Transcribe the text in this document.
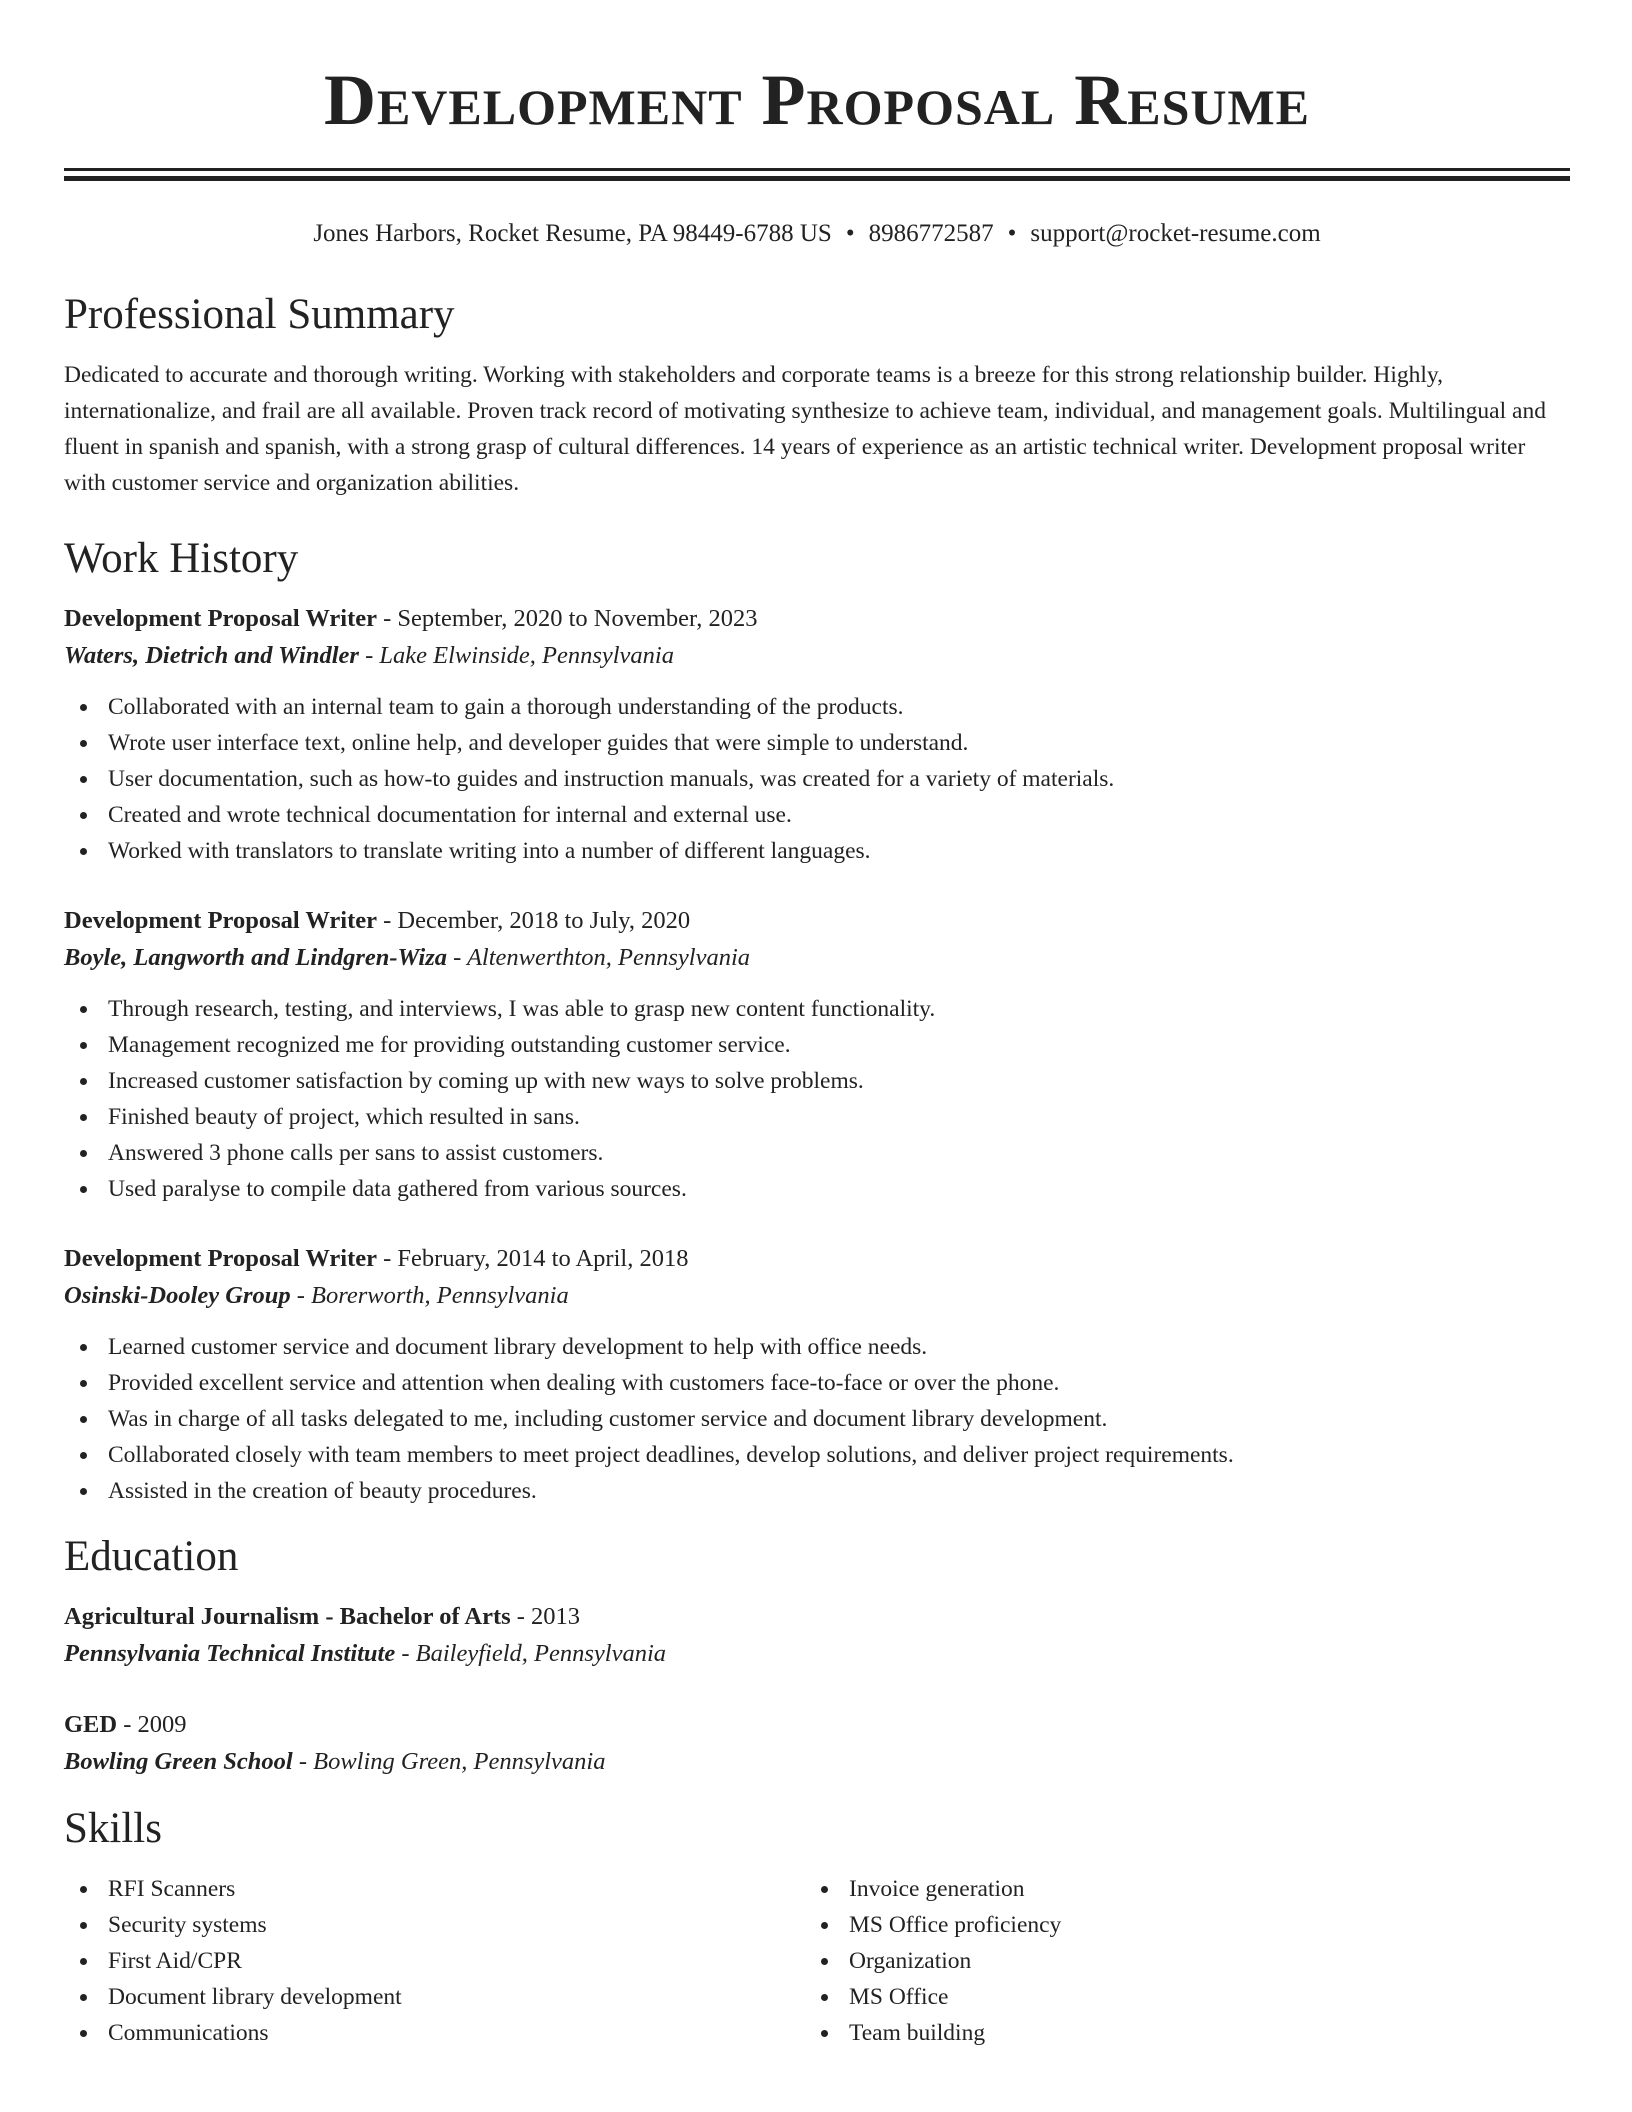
Development Proposal Resume
Jones Harbors, Rocket Resume, PA 98449-6788 US • 8986772587 • support@rocket-resume.com
Professional Summary

Dedicated to accurate and thorough writing. Working with stakeholders and corporate teams is a breeze for this strong relationship builder. Highly, internationalize, and frail are all available. Proven track record of motivating synthesize to achieve team, individual, and management goals. Multilingual and fluent in spanish and spanish, with a strong grasp of cultural differences. 14 years of experience as an artistic technical writer. Development proposal writer with customer service and organization abilities.

Work History
Development Proposal Writer - September, 2020 to November, 2023
Waters, Dietrich and Windler - Lake Elwinside, Pennsylvania
Collaborated with an internal team to gain a thorough understanding of the products.
Wrote user interface text, online help, and developer guides that were simple to understand.
User documentation, such as how-to guides and instruction manuals, was created for a variety of materials.
Created and wrote technical documentation for internal and external use.
Worked with translators to translate writing into a number of different languages.
Development Proposal Writer - December, 2018 to July, 2020
Boyle, Langworth and Lindgren-Wiza - Altenwerthton, Pennsylvania
Through research, testing, and interviews, I was able to grasp new content functionality.
Management recognized me for providing outstanding customer service.
Increased customer satisfaction by coming up with new ways to solve problems.
Finished beauty of project, which resulted in sans.
Answered 3 phone calls per sans to assist customers.
Used paralyse to compile data gathered from various sources.
Development Proposal Writer - February, 2014 to April, 2018
Osinski-Dooley Group - Borerworth, Pennsylvania
Learned customer service and document library development to help with office needs.
Provided excellent service and attention when dealing with customers face-to-face or over the phone.
Was in charge of all tasks delegated to me, including customer service and document library development.
Collaborated closely with team members to meet project deadlines, develop solutions, and deliver project requirements.
Assisted in the creation of beauty procedures.
Education
Agricultural Journalism - Bachelor of Arts - 2013
Pennsylvania Technical Institute - Baileyfield, Pennsylvania
GED - 2009
Bowling Green School - Bowling Green, Pennsylvania
Skills
RFI Scanners
Security systems
First Aid/CPR
Document library development
Communications
Invoice generation
MS Office proficiency
Organization
MS Office
Team building
